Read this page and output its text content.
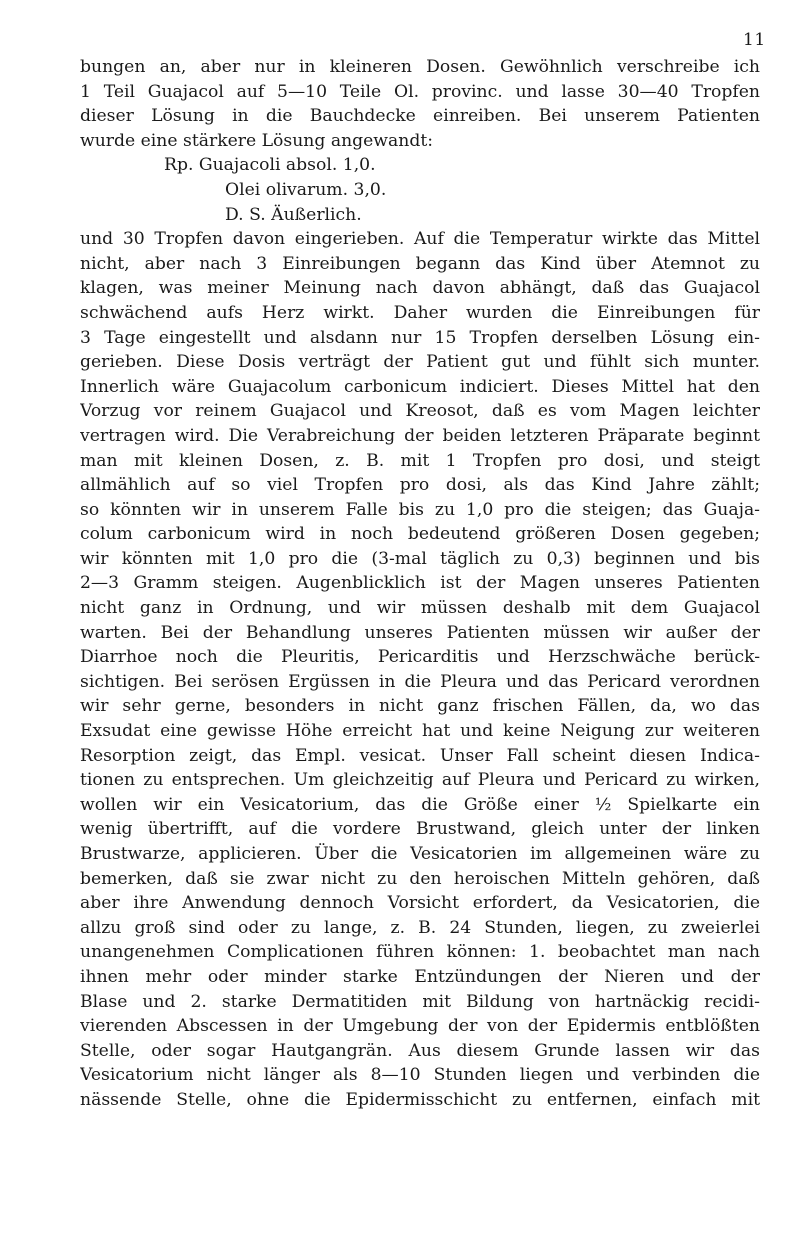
11
bungen an, aber nur in kleineren Dosen. Gewöhnlich verschreibe ich
1 Teil Guajacol auf 5—10 Teile Ol. provinc. und lasse 30—40 Tropfen
dieser Lösung in die Bauchdecke einreiben. Bei unserem Patienten
wurde eine stärkere Lösung angewandt:
Rp. Guajacoli absol. 1,0.
Olei olivarum. 3,0.
D. S. Äußerlich.
und 30 Tropfen davon eingerieben. Auf die Temperatur wirkte das Mittel
nicht, aber nach 3 Einreibungen begann das Kind über Atemnot zu
klagen, was meiner Meinung nach davon abhängt, daß das Guajacol
schwächend aufs Herz wirkt. Daher wurden die Einreibungen für
3 Tage eingestellt und alsdann nur 15 Tropfen derselben Lösung ein-
gerieben. Diese Dosis verträgt der Patient gut und fühlt sich munter.
Innerlich wäre Guajacolum carbonicum indiciert. Dieses Mittel hat den
Vorzug vor reinem Guajacol und Kreosot, daß es vom Magen leichter
vertragen wird. Die Verabreichung der beiden letzteren Präparate beginnt
man mit kleinen Dosen, z. B. mit 1 Tropfen pro dosi, und steigt
allmählich auf so viel Tropfen pro dosi, als das Kind Jahre zählt;
so könnten wir in unserem Falle bis zu 1,0 pro die steigen; das Guaja-
colum carbonicum wird in noch bedeutend größeren Dosen gegeben;
wir könnten mit 1,0 pro die (3-mal täglich zu 0,3) beginnen und bis
2—3 Gramm steigen. Augenblicklich ist der Magen unseres Patienten
nicht ganz in Ordnung, und wir müssen deshalb mit dem Guajacol
warten. Bei der Behandlung unseres Patienten müssen wir außer der
Diarrhoe noch die Pleuritis, Pericarditis und Herzschwäche berück-
sichtigen. Bei serösen Ergüssen in die Pleura und das Pericard verordnen
wir sehr gerne, besonders in nicht ganz frischen Fällen, da, wo das
Exsudat eine gewisse Höhe erreicht hat und keine Neigung zur weiteren
Resorption zeigt, das Empl. vesicat. Unser Fall scheint diesen Indica-
tionen zu entsprechen. Um gleichzeitig auf Pleura und Pericard zu wirken,
wollen wir ein Vesicatorium, das die Größe einer ½ Spielkarte ein
wenig übertrifft, auf die vordere Brustwand, gleich unter der linken
Brustwarze, applicieren. Über die Vesicatorien im allgemeinen wäre zu
bemerken, daß sie zwar nicht zu den heroischen Mitteln gehören, daß
aber ihre Anwendung dennoch Vorsicht erfordert, da Vesicatorien, die
allzu groß sind oder zu lange, z. B. 24 Stunden, liegen, zu zweierlei
unangenehmen Complicationen führen können: 1. beobachtet man nach
ihnen mehr oder minder starke Entzündungen der Nieren und der
Blase und 2. starke Dermatitiden mit Bildung von hartnäckig recidi-
vierenden Abscessen in der Umgebung der von der Epidermis entblößten
Stelle, oder sogar Hautgangrän. Aus diesem Grunde lassen wir das
Vesicatorium nicht länger als 8—10 Stunden liegen und verbinden die
nässende Stelle, ohne die Epidermisschicht zu entfernen, einfach mit
